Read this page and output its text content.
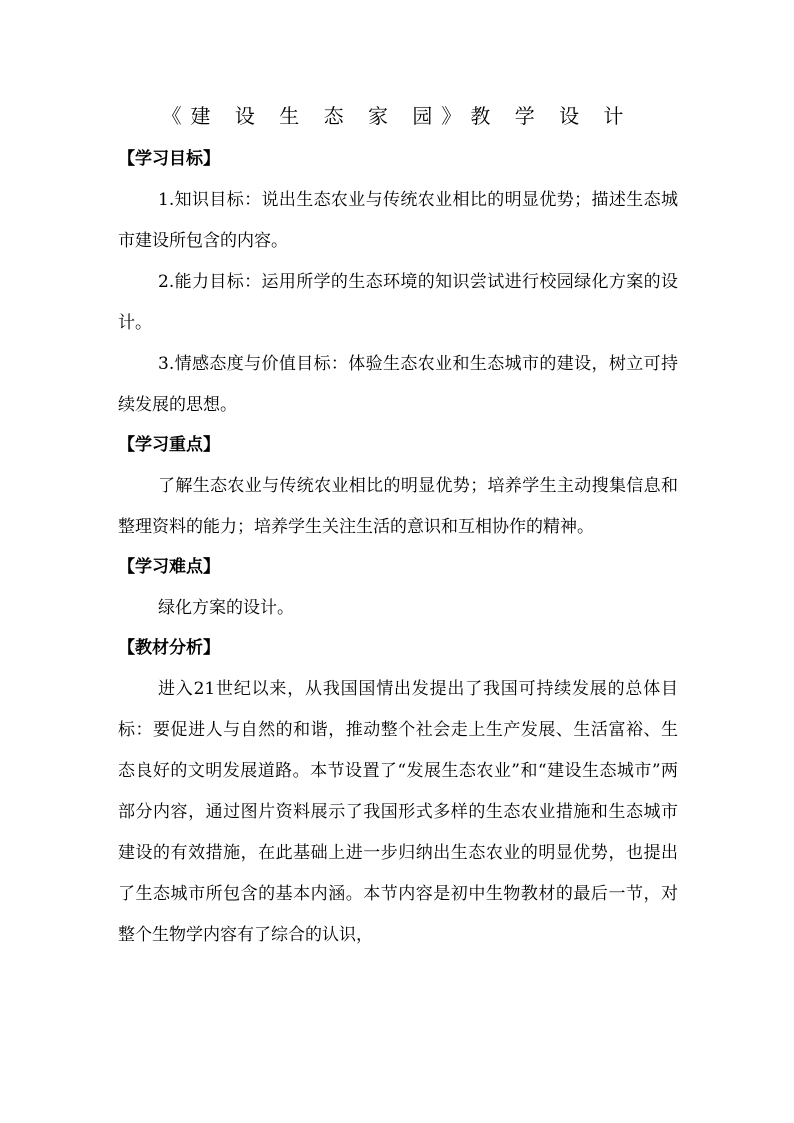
《建 设 生 态 家 园》教 学 设 计
【学习目标】

1.知识目标：说出生态农业与传统农业相比的明显优势；描述生态城市建设所包含的内容。

2.能力目标：运用所学的生态环境的知识尝试进行校园绿化方案的设计。

3.情感态度与价值目标：体验生态农业和生态城市的建设，树立可持续发展的思想。

【学习重点】

了解生态农业与传统农业相比的明显优势；培养学生主动搜集信息和整理资料的能力；培养学生关注生活的意识和互相协作的精神。

【学习难点】

绿化方案的设计。

【教材分析】

进入21世纪以来，从我国国情出发提出了我国可持续发展的总体目标：要促进人与自然的和谐，推动整个社会走上生产发展、生活富裕、生态良好的文明发展道路。本节设置了“发展生态农业”和“建设生态城市”两部分内容，通过图片资料展示了我国形式多样的生态农业措施和生态城市建设的有效措施，在此基础上进一步归纳出生态农业的明显优势，也提出了生态城市所包含的基本内涵。本节内容是初中生物教材的最后一节，对整个生物学内容有了综合的认识，
